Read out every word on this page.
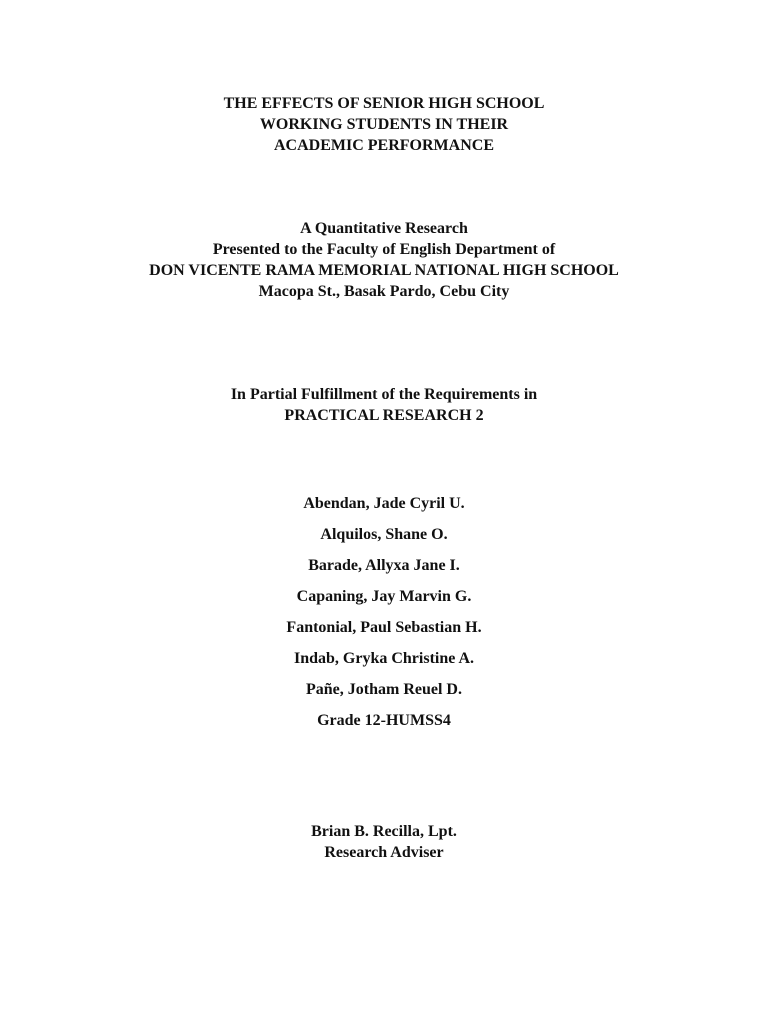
THE EFFECTS OF SENIOR HIGH SCHOOL
WORKING STUDENTS IN THEIR
ACADEMIC PERFORMANCE
A Quantitative Research
Presented to the Faculty of English Department of
DON VICENTE RAMA MEMORIAL NATIONAL HIGH SCHOOL
Macopa St., Basak Pardo, Cebu City
In Partial Fulfillment of the Requirements in
PRACTICAL RESEARCH 2
Abendan, Jade Cyril U.
Alquilos, Shane O.
Barade, Allyxa Jane I.
Capaning, Jay Marvin G.
Fantonial, Paul Sebastian H.
Indab, Gryka Christine A.
Pañe, Jotham Reuel D.
Grade 12-HUMSS4
Brian B. Recilla, Lpt.
Research Adviser
